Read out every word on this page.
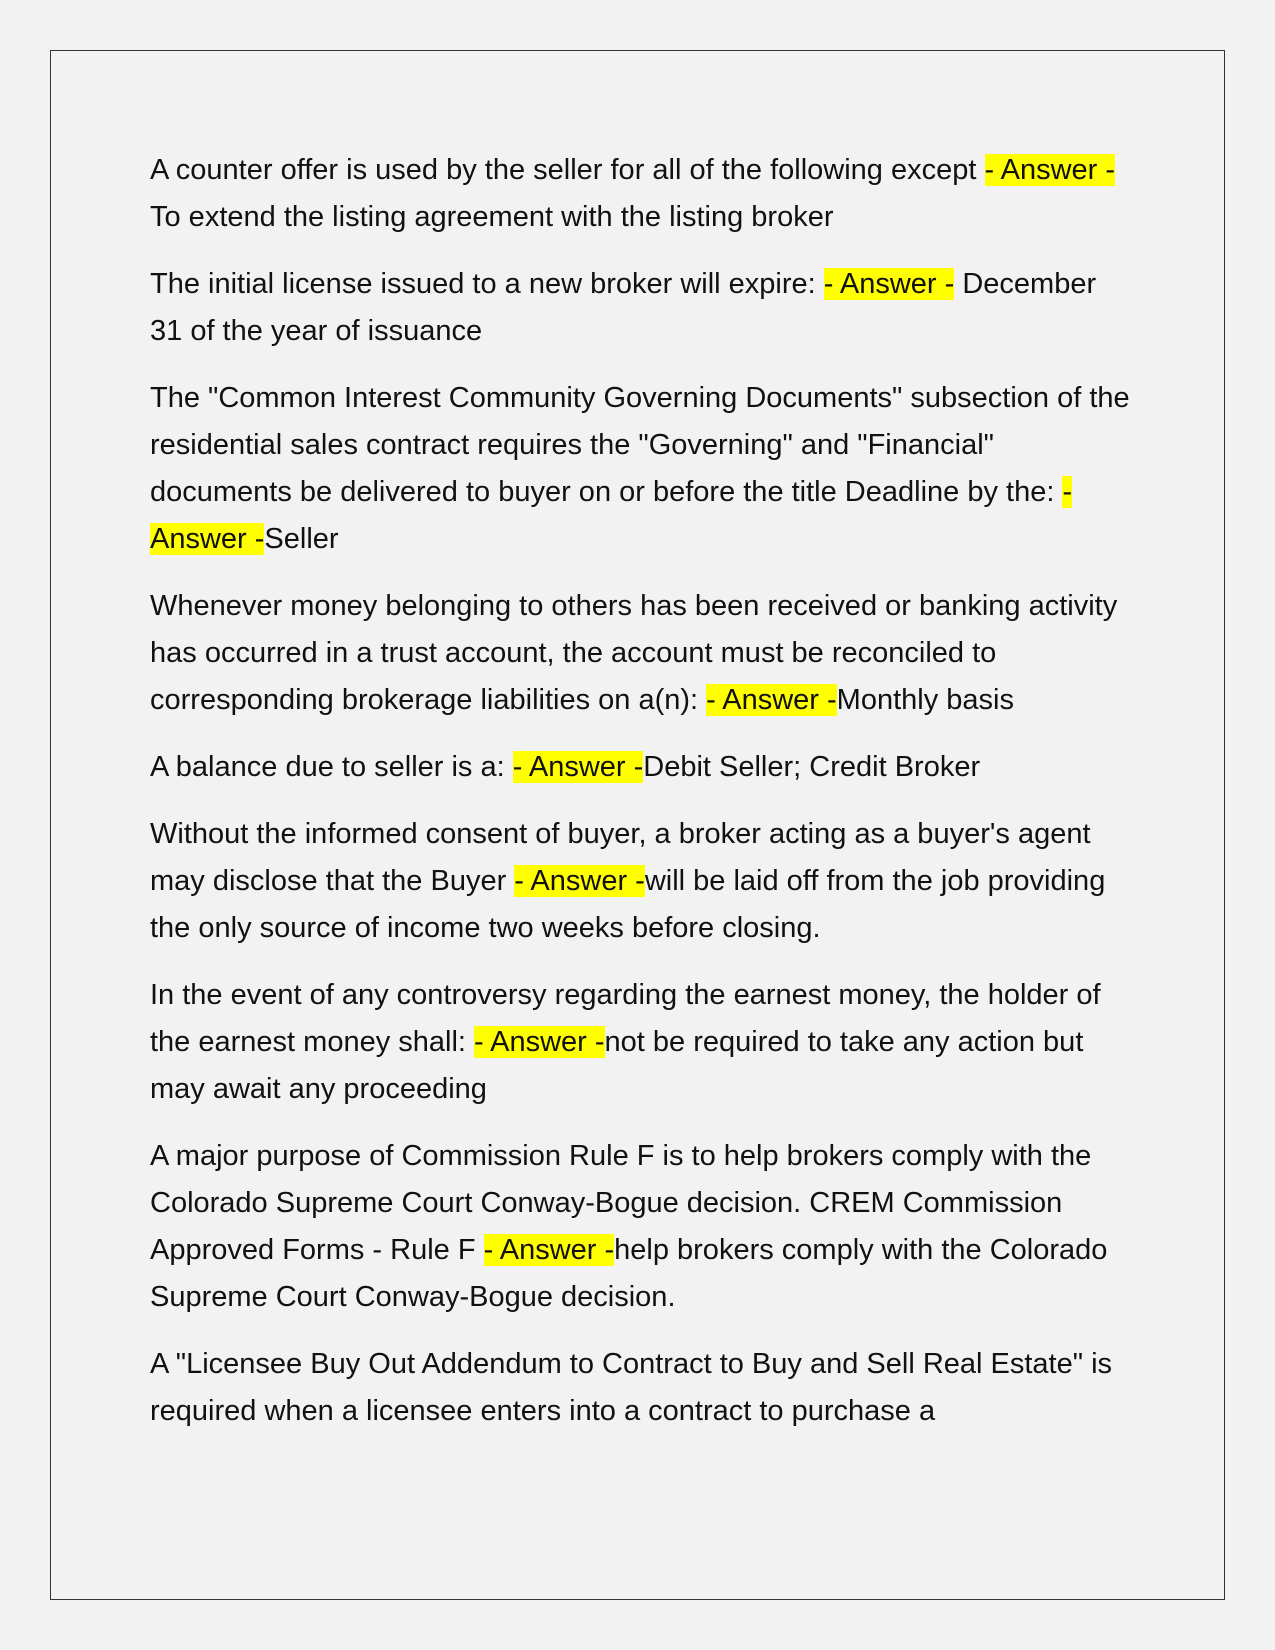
A counter offer is used by the seller for all of the following except - Answer -To extend the listing agreement with the listing broker

The initial license issued to a new broker will expire: - Answer - December 31 of the year of issuance

The "Common Interest Community Governing Documents" subsection of the residential sales contract requires the "Governing" and "Financial" documents be delivered to buyer on or before the title Deadline by the: - Answer -Seller

Whenever money belonging to others has been received or banking activity has occurred in a trust account, the account must be reconciled to corresponding brokerage liabilities on a(n): - Answer -Monthly basis

A balance due to seller is a: - Answer -Debit Seller; Credit Broker

Without the informed consent of buyer, a broker acting as a buyer's agent may disclose that the Buyer - Answer -will be laid off from the job providing the only source of income two weeks before closing.

In the event of any controversy regarding the earnest money, the holder of the earnest money shall: - Answer -not be required to take any action but may await any proceeding

A major purpose of Commission Rule F is to help brokers comply with the Colorado Supreme Court Conway-Bogue decision. CREM Commission Approved Forms - Rule F - Answer -help brokers comply with the Colorado Supreme Court Conway-Bogue decision.

A "Licensee Buy Out Addendum to Contract to Buy and Sell Real Estate" is required when a licensee enters into a contract to purchase a
